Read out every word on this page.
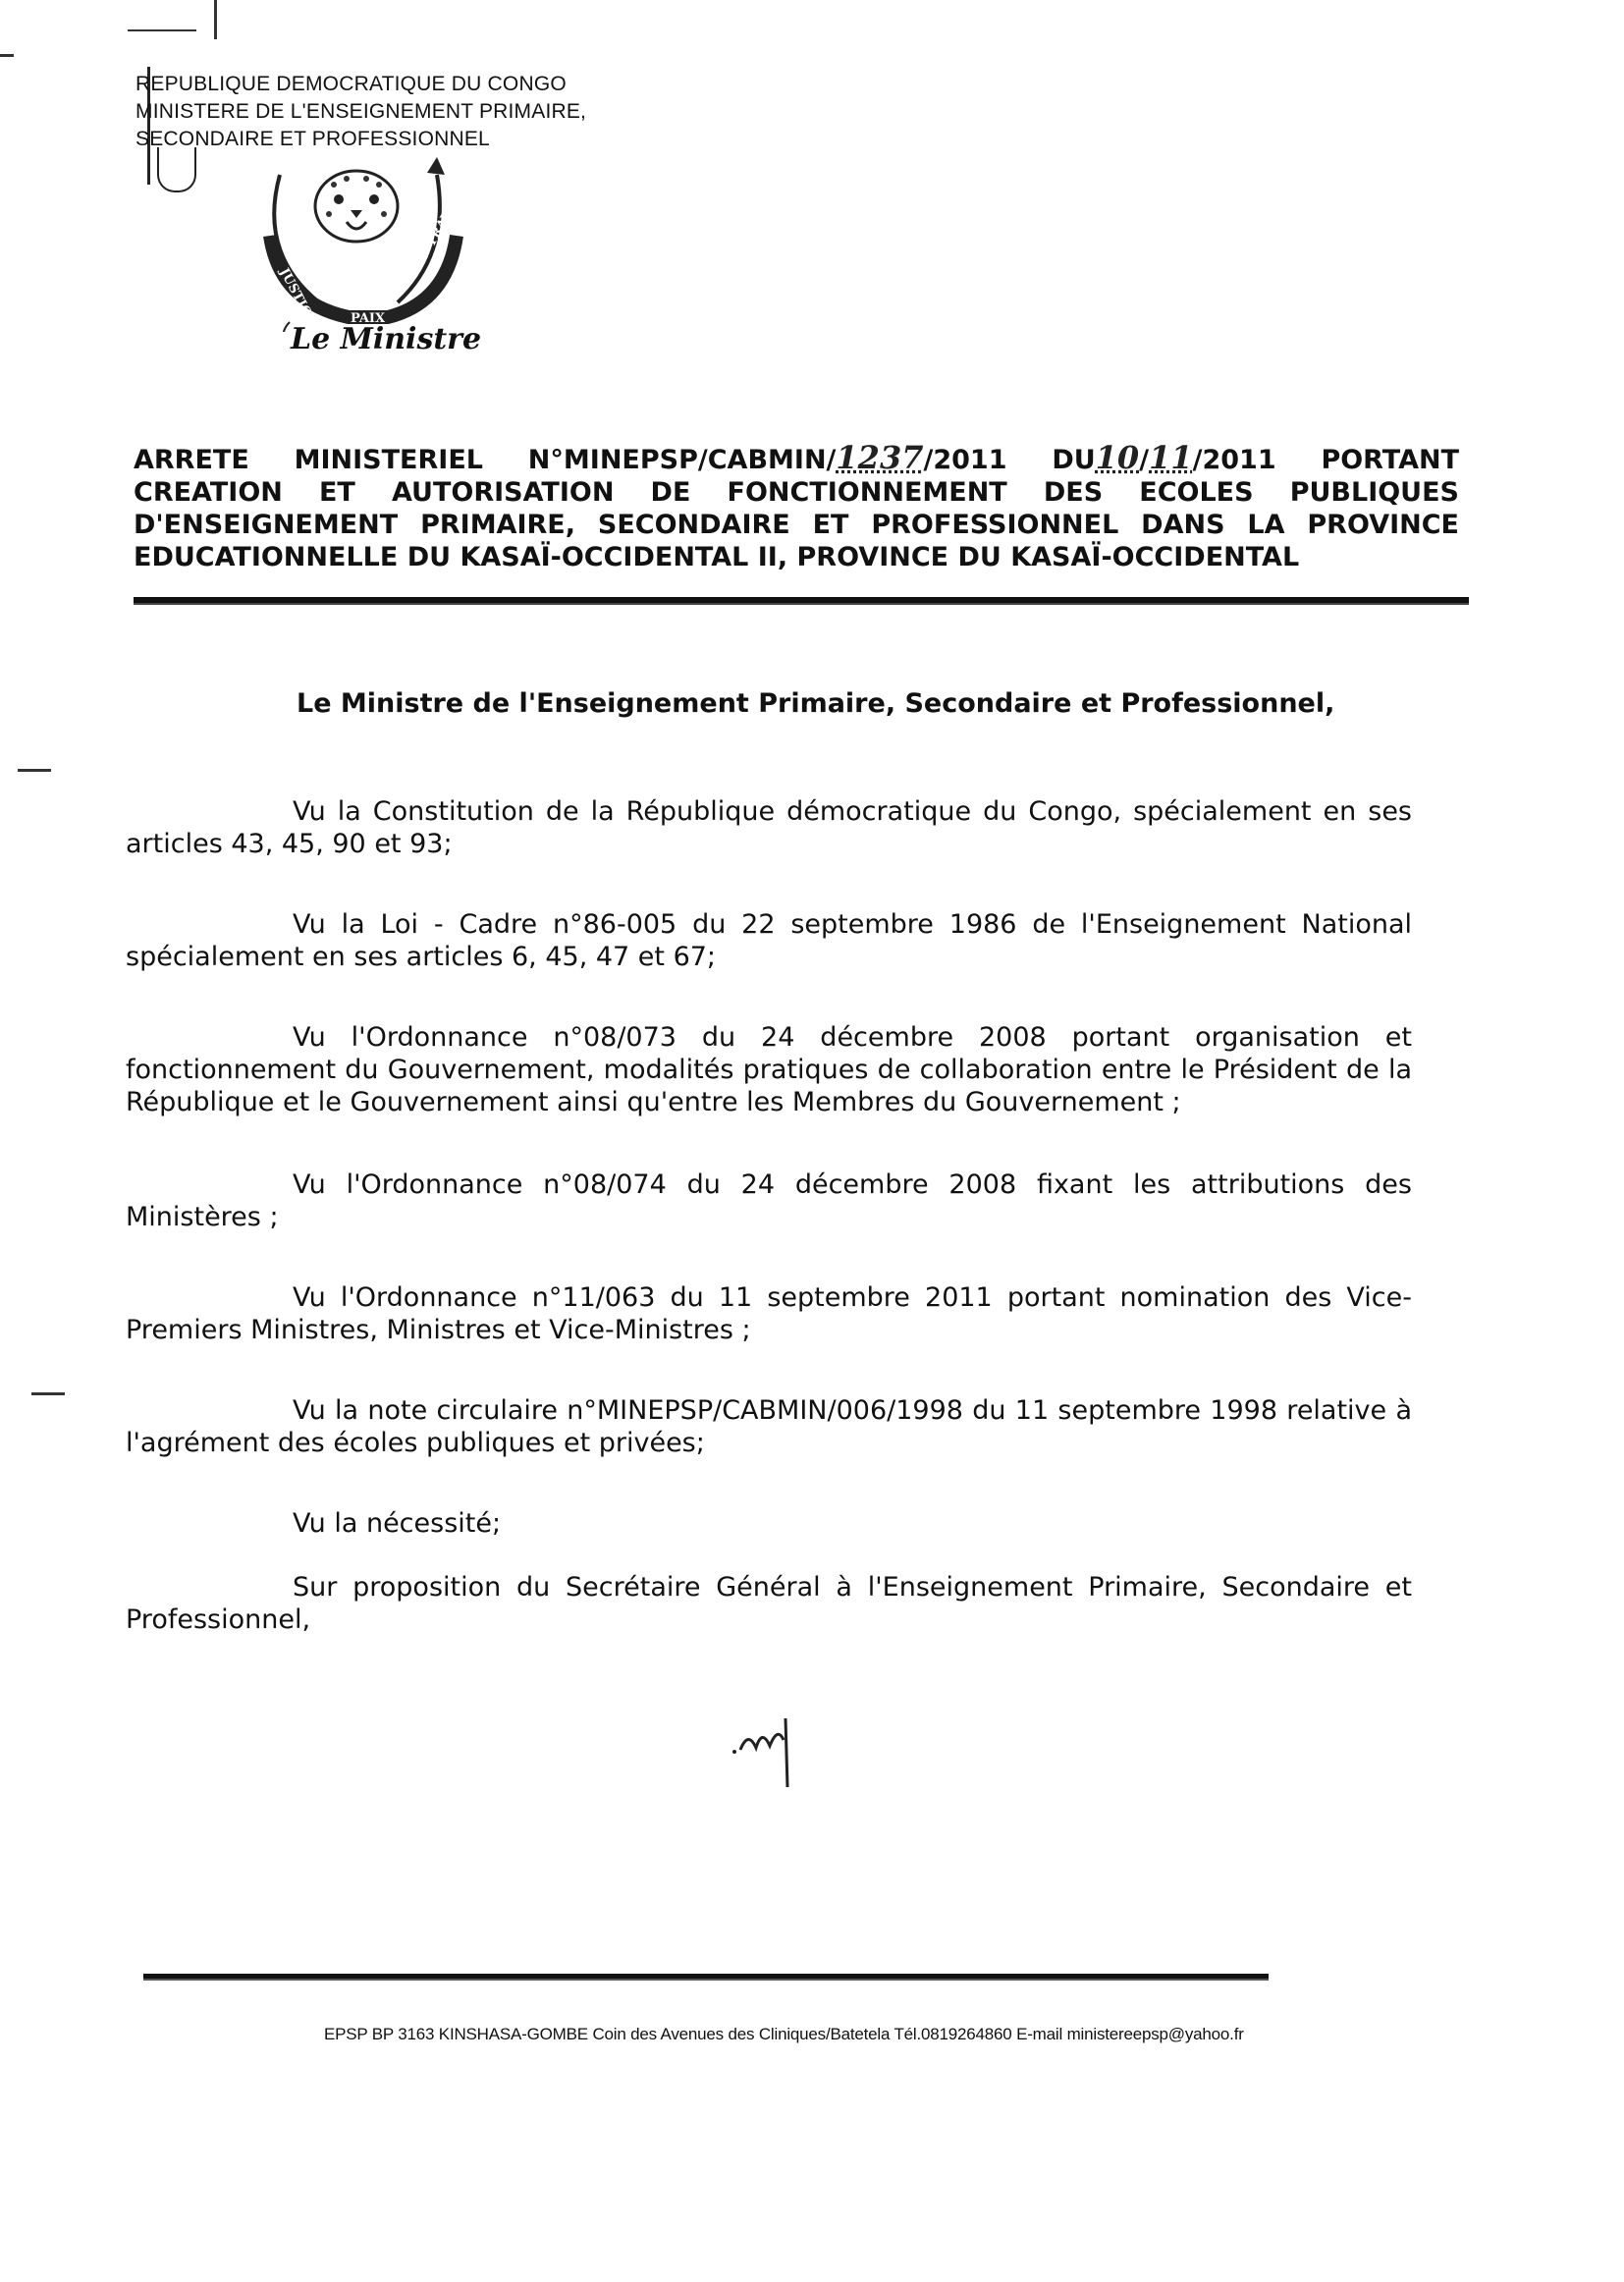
REPUBLIQUE DEMOCRATIQUE DU CONGO
MINISTERE DE L'ENSEIGNEMENT PRIMAIRE,
SECONDAIRE ET PROFESSIONNEL
JUSTICE	PAIX
TRAVAIL
Le Ministre
ARRETE MINISTERIEL N°MINEPSP/CABMIN/1237/2011 DU10/11/2011 PORTANT
CREATION ET AUTORISATION DE FONCTIONNEMENT DES ECOLES PUBLIQUES
D'ENSEIGNEMENT PRIMAIRE, SECONDAIRE ET PROFESSIONNEL DANS LA PROVINCE
EDUCATIONNELLE DU KASAÏ-OCCIDENTAL II, PROVINCE DU KASAÏ-OCCIDENTAL
Le Ministre de l'Enseignement Primaire, Secondaire et Professionnel,
Vu la Constitution de la République démocratique du Congo, spécialement en ses articles 43, 45, 90 et 93;
Vu la Loi - Cadre n°86-005 du 22 septembre 1986 de l'Enseignement National spécialement en ses articles 6, 45, 47 et 67;
Vu l'Ordonnance n°08/073 du 24 décembre 2008 portant organisation et fonctionnement du Gouvernement, modalités pratiques de collaboration entre le Président de la République et le Gouvernement ainsi qu'entre les Membres du Gouvernement ;
Vu l'Ordonnance n°08/074 du 24 décembre 2008 fixant les attributions des Ministères ;
Vu l'Ordonnance n°11/063 du 11 septembre 2011 portant nomination des Vice-Premiers Ministres, Ministres et Vice-Ministres ;
Vu la note circulaire n°MINEPSP/CABMIN/006/1998 du 11 septembre 1998 relative à l'agrément des écoles publiques et privées;
Vu la nécessité;
Sur proposition du Secrétaire Général à l'Enseignement Primaire, Secondaire et Professionnel,
EPSP BP 3163 KINSHASA-GOMBE Coin des Avenues des Cliniques/Batetela Tél.0819264860 E-mail ministereepsp@yahoo.fr
